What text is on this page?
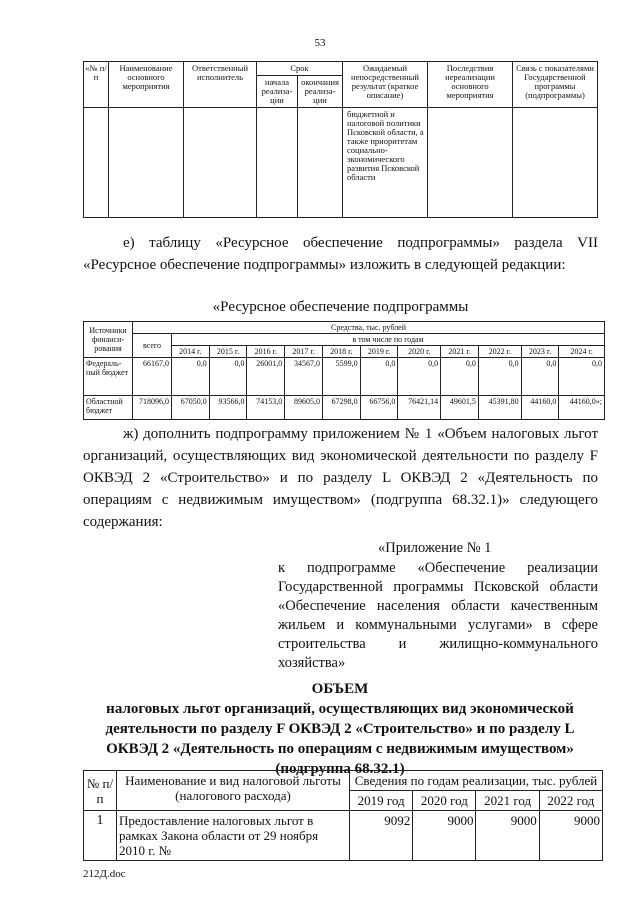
53
«№ п/п	Наименование основного мероприятия	Ответственный исполнитель	Срок		Ожидаемый непосредственный результат (краткое описание)	Последствия нереализации основного мероприятия	Связь с показателями Государственной программы (подпрограммы)
			начала реализа- ции	окончания реализа- ции			
					бюджетной и налоговой политики Псковской области, а также приоритетам социально-экономического развития Псковской области		

е) таблицу «Ресурсное обеспечение подпрограммы» раздела VII «Ресурсное обеспечение подпрограммы» изложить в следующей редакции:

«Ресурсное обеспечение подпрограммы

Источники финанси- рования	Средства, тыс. рублей											
	всего	в том числе по годам										
		2014 г.	2015 г.	2016 г.	2017 г.	2018 г.	2019 г.	2020 г.	2021 г.	2022 г.	2023 г.	2024 г.
Федераль- ный бюджет	66167,0	0,0	0,0	26001,0	34567,0	5599,0	0,0	0,0	0,0	0,0	0,0	0,0
Областной бюджет	718096,0	67050,0	93566,0	74153,0	89605,0	67298,0	66756,0	76421,14	49601,5	45391,80	44160,0	44160,0»;

ж) дополнить подпрограмму приложением № 1 «Объем налоговых льгот организаций, осуществляющих вид экономической деятельности по разделу F ОКВЭД 2 «Строительство» и по разделу L ОКВЭД 2 «Деятельность по операциям с недвижимым имуществом» (подгруппа 68.32.1)» следующего содержания:

«Приложение № 1

к подпрограмме «Обеспечение реализации Государственной программы Псковской области «Обеспечение населения области качественным жильем и коммунальными услугами» в сфере строительства и жилищно-коммунального хозяйства»

ОБЪЕМ

налоговых льгот организаций, осуществляющих вид экономической деятельности по разделу F ОКВЭД 2 «Строительство» и по разделу L ОКВЭД 2 «Деятельность по операциям с недвижимым имуществом» (подгруппа 68.32.1)

№ п/п	Наименование и вид налоговой льготы (налогового расхода)	Сведения по годам реализации, тыс. рублей			
		2019 год	2020 год	2021 год	2022 год
1	Предоставление налоговых льгот в рамках Закона области от 29 ноября 2010 г. №	9092	9000	9000	9000
212Д.doc
